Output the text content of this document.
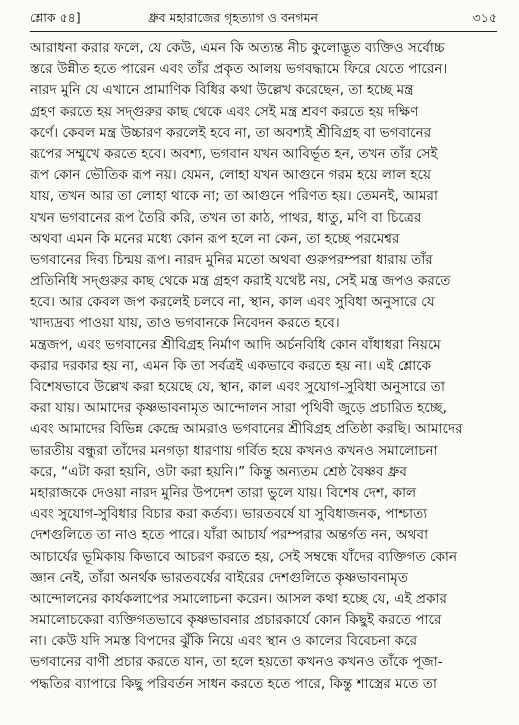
শ্লোক ৫৪]	ধ্রুব মহারাজের গৃহত্যাগ ও বনগমন	৩১৫
আরাধনা করার ফলে, যে কেউ, এমন কি অত্যন্ত নীচ কুলোদ্ভূত ব্যক্তিও সর্বোচ্চ
স্তরে উন্নীত হতে পারেন এবং তাঁর প্রকৃত আলয় ভগবদ্ধামে ফিরে যেতে পারেন।
নারদ মুনি যে এখানে প্রামাণিক বিধির কথা উল্লেখ করেছেন, তা হচ্ছে মন্ত্র
গ্রহণ করতে হয় সদ্গুরুর কাছ থেকে এবং সেই মন্ত্র শ্রবণ করতে হয় দক্ষিণ
কর্ণে। কেবল মন্ত্র উচ্চারণ করলেই হবে না, তা অবশ্যই শ্রীবিগ্রহ বা ভগবানের
রূপের সম্মুখে করতে হবে। অবশ্য, ভগবান যখন আবির্ভূত হন, তখন তাঁর সেই
রূপ কোন ভৌতিক রূপ নয়। যেমন, লোহা যখন আগুনে গরম হয়ে লাল হয়ে
যায়, তখন আর তা লোহা থাকে না; তা আগুনে পরিণত হয়। তেমনই, আমরা
যখন ভগবানের রূপ তৈরি করি, তখন তা কাঠ, পাথর, ধাতু, মণি বা চিত্রের
অথবা এমন কি মনের মধ্যে কোন রূপ হলে না কেন, তা হচ্ছে পরমেশ্বর
ভগবানের দিব্য চিন্ময় রূপ। নারদ মুনির মতো অথবা গুরুপরম্পরা ধারায় তাঁর
প্রতিনিধি সদ্গুরুর কাছ থেকে মন্ত্র গ্রহণ করাই যথেষ্ট নয়, সেই মন্ত্র জপও করতে
হবে। আর কেবল জপ করলেই চলবে না, স্থান, কাল এবং সুবিধা অনুসারে যে
খাদ্যদ্রব্য পাওয়া যায়, তাও ভগবানকে নিবেদন করতে হবে।
মন্ত্রজপ, এবং ভগবানের শ্রীবিগ্রহ নির্মাণ আদি অর্চনবিধি কোন বাঁধাধরা নিয়মে
করার দরকার হয় না, এমন কি তা সর্বত্রই একভাবে করতে হয় না। এই শ্লোকে
বিশেষভাবে উল্লেখ করা হয়েছে যে, স্থান, কাল এবং সুযোগ-সুবিধা অনুসারে তা
করা যায়। আমাদের কৃষ্ণভাবনামৃত আন্দোলন সারা পৃথিবী জুড়ে প্রচারিত হচ্ছে,
এবং আমাদের বিভিন্ন কেন্দ্রে আমরাও ভগবানের শ্রীবিগ্রহ প্রতিষ্ঠা করছি। আমাদের
ভারতীয় বন্ধুরা তাঁদের মনগড়া ধারণায় গর্বিত হয়ে কখনও কখনও সমালোচনা
করে, “এটা করা হয়নি, ওটা করা হয়নি।” কিন্তু অন্যতম শ্রেষ্ঠ বৈষ্ণব ধ্রুব
মহারাজকে দেওয়া নারদ মুনির উপদেশ তারা ভুলে যায়। বিশেষ দেশ, কাল
এবং সুযোগ-সুবিধার বিচার করা কর্তব্য। ভারতবর্ষে যা সুবিধাজনক, পাশ্চাত্য
দেশগুলিতে তা নাও হতে পারে। যাঁরা আচার্য পরম্পরার অন্তর্গত নন, অথবা
আচার্যের ভূমিকায় কিভাবে আচরণ করতে হয়, সেই সম্বন্ধে যাঁদের ব্যক্তিগত কোন
জ্ঞান নেই, তাঁরা অনর্থক ভারতবর্ষের বাইরের দেশগুলিতে কৃষ্ণভাবনামৃত
আন্দোলনের কার্যকলাপের সমালোচনা করেন। আসল কথা হচ্ছে যে, এই প্রকার
সমালোচকেরা ব্যক্তিগতভাবে কৃষ্ণভাবনার প্রচারকার্যে কোন কিছুই করতে পারে
না। কেউ যদি সমস্ত বিপদের ঝুঁকি নিয়ে এবং স্থান ও কালের বিবেচনা করে
ভগবানের বাণী প্রচার করতে যান, তা হলে হয়তো কখনও কখনও তাঁকে পূজা-
পদ্ধতির ব্যাপারে কিছু পরিবর্তন সাধন করতে হতে পারে, কিন্তু শাস্ত্রের মতে তা
